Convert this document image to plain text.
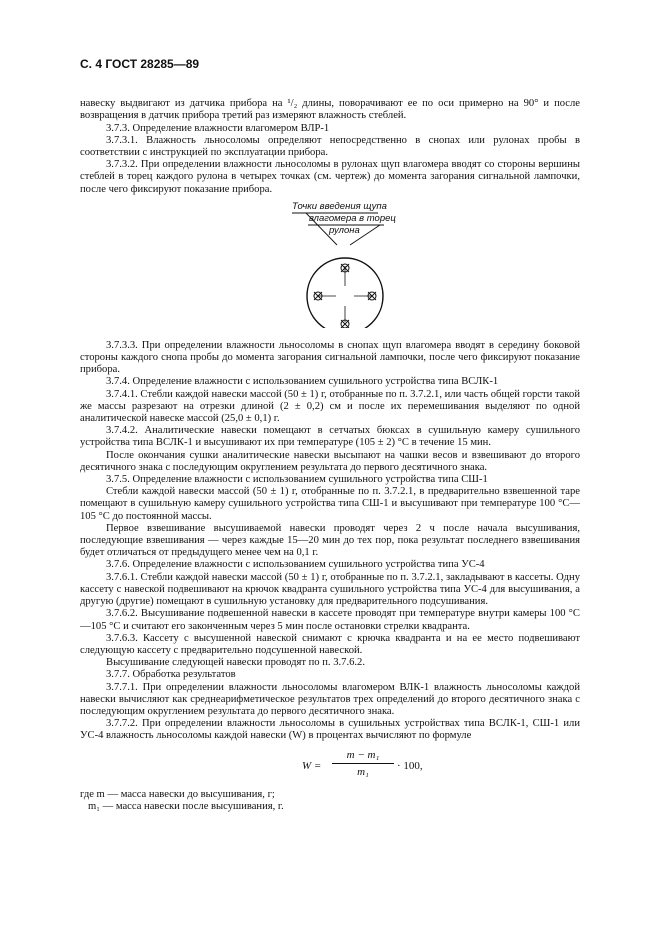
С. 4 ГОСТ 28285—89

навеску выдвигают из датчика прибора на ¹/₂ длины, поворачивают ее по оси примерно на 90° и после возвращения в датчик прибора третий раз измеряют влажность стеблей.

3.7.3. Определение влажности влагомером ВЛР-1

3.7.3.1. Влажность льносоломы определяют непосредственно в снопах или рулонах пробы в соответствии с инструкцией по эксплуатации прибора.

3.7.3.2. При определении влажности льносоломы в рулонах щуп влагомера вводят со стороны вершины стеблей в торец каждого рулона в четырех точках (см. чертеж) до момента загорания сигнальной лампочки, после чего фиксируют показание прибора.

Точки введения щупа
влагомера в торец
рулона

3.7.3.3. При определении влажности льносоломы в снопах щуп влагомера вводят в середину боковой стороны каждого снопа пробы до момента загорания сигнальной лампочки, после чего фиксируют показание прибора.

3.7.4. Определение влажности с использованием сушильного устройства типа ВСЛК-1

3.7.4.1. Стебли каждой навески массой (50 ± 1) г, отобранные по п. 3.7.2.1, или часть общей горсти такой же массы разрезают на отрезки длиной (2 ± 0,2) см и после их перемешивания выделяют по одной аналитической навеске массой (25,0 ± 0,1) г.

3.7.4.2. Аналитические навески помещают в сетчатых бюксах в сушильную камеру сушильного устройства типа ВСЛК-1 и высушивают их при температуре (105 ± 2) °С в течение 15 мин.

После окончания сушки аналитические навески высыпают на чашки весов и взвешивают до второго десятичного знака с последующим округлением результата до первого десятичного знака.

3.7.5. Определение влажности с использованием сушильного устройства типа СШ-1

Стебли каждой навески массой (50 ± 1) г, отобранные по п. 3.7.2.1, в предварительно взвешенной таре помещают в сушильную камеру сушильного устройства типа СШ-1 и высушивают при температуре 100 °С—105 °С до постоянной массы.

Первое взвешивание высушиваемой навески проводят через 2 ч после начала высушивания, последующие взвешивания — через каждые 15—20 мин до тех пор, пока результат последнего взвешивания будет отличаться от предыдущего менее чем на 0,1 г.

3.7.6. Определение влажности с использованием сушильного устройства типа УС-4

3.7.6.1. Стебли каждой навески массой (50 ± 1) г, отобранные по п. 3.7.2.1, закладывают в кассеты. Одну кассету с навеской подвешивают на крючок квадранта сушильного устройства типа УС-4 для высушивания, а другую (другие) помещают в сушильную установку для предварительного подсушивания.

3.7.6.2. Высушивание подвешенной навески в кассете проводят при температуре внутри камеры 100 °С—105 °С и считают его законченным через 5 мин после остановки стрелки квадранта.

3.7.6.3. Кассету с высушенной навеской снимают с крючка квадранта и на ее место подвешивают следующую кассету с предварительно подсушенной навеской.

Высушивание следующей навески проводят по п. 3.7.6.2.

3.7.7. Обработка результатов

3.7.7.1. При определении влажности льносоломы влагомером ВЛК-1 влажность льносоломы каждой навески вычисляют как среднеарифметическое результатов трех определений до второго десятичного знака с последующим округлением результата до первого десятичного знака.

3.7.7.2. При определении влажности льносоломы в сушильных устройствах типа ВСЛК-1, СШ-1 или УС-4 влажность льносоломы каждой навески (W) в процентах вычисляют по формуле

W =
m − m₁
m₁	· 100,

где m — масса навески до высушивания, г;

m₁ — масса навески после высушивания, г.
